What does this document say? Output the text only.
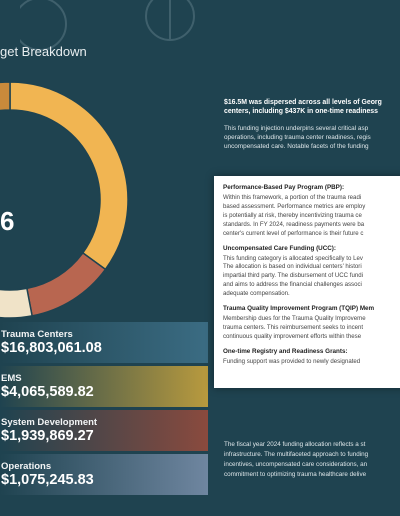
get Breakdown
6
Trauma Centers
$16,803,061.08
EMS
$4,065,589.82
System Development
$1,939,869.27
Operations
$1,075,245.83
$16.5M was dispersed across all levels of Georg
centers, including $437K in one-time readiness
This funding injection underpins several critical asp
operations, including trauma center readiness, regis
uncompensated care. Notable facets of the funding
Performance-Based Pay Program (PBP):
Within this framework, a portion of the trauma readi
based assessment. Performance metrics are employ
is potentially at risk, thereby incentivizing trauma ce
standards. In FY 2024, readiness payments were ba
center's current level of performance is their future c
Uncompensated Care Funding (UCC):
This funding category is allocated specifically to Lev
The allocation is based on individual centers' histori
impartial third party. The disbursement of UCC fundi
and aims to address the financial challenges associ
adequate compensation.
Trauma Quality Improvement Program (TQIP) Mem
Membership dues for the Trauma Quality Improveme
trauma centers. This reimbursement seeks to incent
continuous quality improvement efforts within these
One-time Registry and Readiness Grants:
Funding support was provided to newly designated
The fiscal year 2024 funding allocation reflects a st
infrastructure. The multifaceted approach to funding
incentives, uncompensated care considerations, an
commitment to optimizing trauma healthcare delive
